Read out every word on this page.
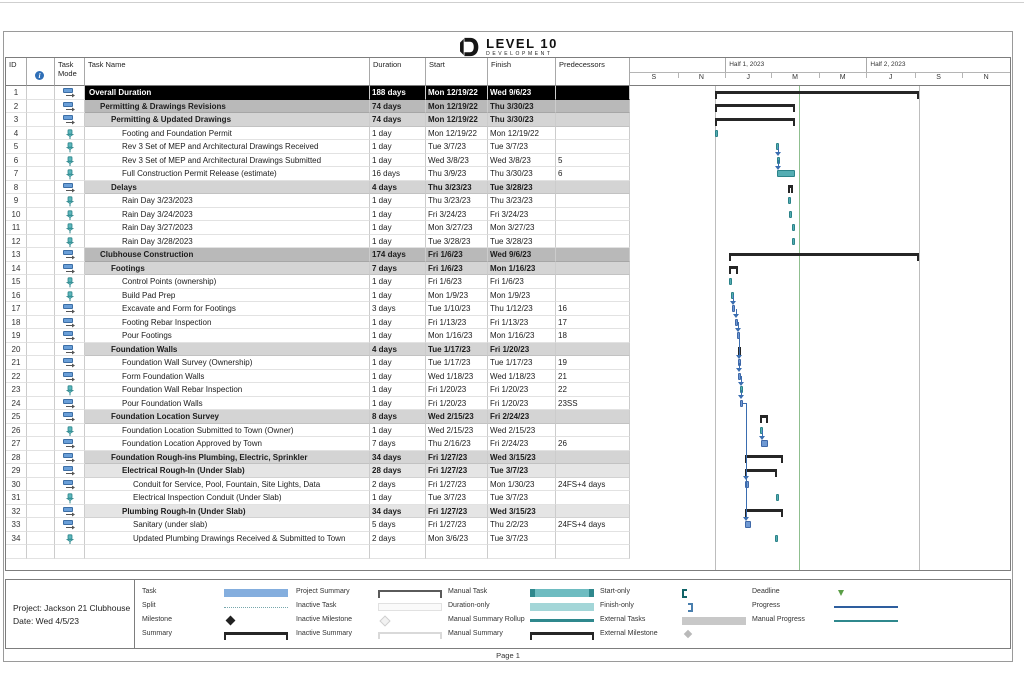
LEVEL 10
DEVELOPMENT
ID
i
Task Mode
Task Name	Duration	Start	Finish	Predecessors
1	Overall Duration	188 days	Mon 12/19/22	Wed 9/6/23
2	Permitting & Drawings Revisions	74 days	Mon 12/19/22	Thu 3/30/23
3	Permitting & Updated Drawings	74 days	Mon 12/19/22	Thu 3/30/23
4	Footing and Foundation Permit	1 day	Mon 12/19/22	Mon 12/19/22
5	Rev 3 Set of MEP and Architectural Drawings Received	1 day	Tue 3/7/23	Tue 3/7/23
6	Rev 3 Set of MEP and Architectural Drawings Submitted	1 day	Wed 3/8/23	Wed 3/8/23	5
7	Full Construction Permit Release (estimate)	16 days	Thu 3/9/23	Thu 3/30/23	6
8	Delays	4 days	Thu 3/23/23	Tue 3/28/23
9	Rain Day 3/23/2023	1 day	Thu 3/23/23	Thu 3/23/23
10	Rain Day 3/24/2023	1 day	Fri 3/24/23	Fri 3/24/23
11	Rain Day 3/27/2023	1 day	Mon 3/27/23	Mon 3/27/23
12	Rain Day 3/28/2023	1 day	Tue 3/28/23	Tue 3/28/23
13	Clubhouse Construction	174 days	Fri 1/6/23	Wed 9/6/23
14	Footings	7 days	Fri 1/6/23	Mon 1/16/23
15	Control Points (ownership)	1 day	Fri 1/6/23	Fri 1/6/23
16	Build Pad Prep	1 day	Mon 1/9/23	Mon 1/9/23
17	Excavate and Form for Footings	3 days	Tue 1/10/23	Thu 1/12/23	16
18	Footing Rebar Inspection	1 day	Fri 1/13/23	Fri 1/13/23	17
19	Pour Footings	1 day	Mon 1/16/23	Mon 1/16/23	18
20	Foundation Walls	4 days	Tue 1/17/23	Fri 1/20/23
21	Foundation Wall Survey (Ownership)	1 day	Tue 1/17/23	Tue 1/17/23	19
22	Form Foundation Walls	1 day	Wed 1/18/23	Wed 1/18/23	21
23	Foundation Wall Rebar Inspection	1 day	Fri 1/20/23	Fri 1/20/23	22
24	Pour Foundation Walls	1 day	Fri 1/20/23	Fri 1/20/23	23SS
25	Foundation Location Survey	8 days	Wed 2/15/23	Fri 2/24/23
26	Foundation Location Submitted to Town (Owner)	1 day	Wed 2/15/23	Wed 2/15/23
27	Foundation Location Approved by Town	7 days	Thu 2/16/23	Fri 2/24/23	26
28	Foundation Rough-ins Plumbing, Electric, Sprinkler	34 days	Fri 1/27/23	Wed 3/15/23
29	Electrical Rough-In (Under Slab)	28 days	Fri 1/27/23	Tue 3/7/23
30	Conduit for Service, Pool, Fountain, Site Lights, Data	2 days	Fri 1/27/23	Mon 1/30/23	24FS+4 days
31	Electrical Inspection Conduit (Under Slab)	1 day	Tue 3/7/23	Tue 3/7/23
32	Plumbing Rough-In (Under Slab)	34 days	Fri 1/27/23	Wed 3/15/23
33	Sanitary (under slab)	5 days	Fri 1/27/23	Thu 2/2/23	24FS+4 days
34	Updated Plumbing Drawings Received & Submitted to Town	2 days	Mon 3/6/23	Tue 3/7/23
S	N	J	M	M	J	S	N
Half 1, 2023	Half 2, 2023
Project: Jackson 21 Clubhouse
Date: Wed 4/5/23
Task
Split
Milestone
Summary
Project Summary
Inactive Task
Inactive Milestone
Inactive Summary
Manual Task
Duration-only
Manual Summary Rollup
Manual Summary
Start-only
Finish-only
External Tasks
External Milestone
Deadline
Progress
Manual Progress
Page 1
